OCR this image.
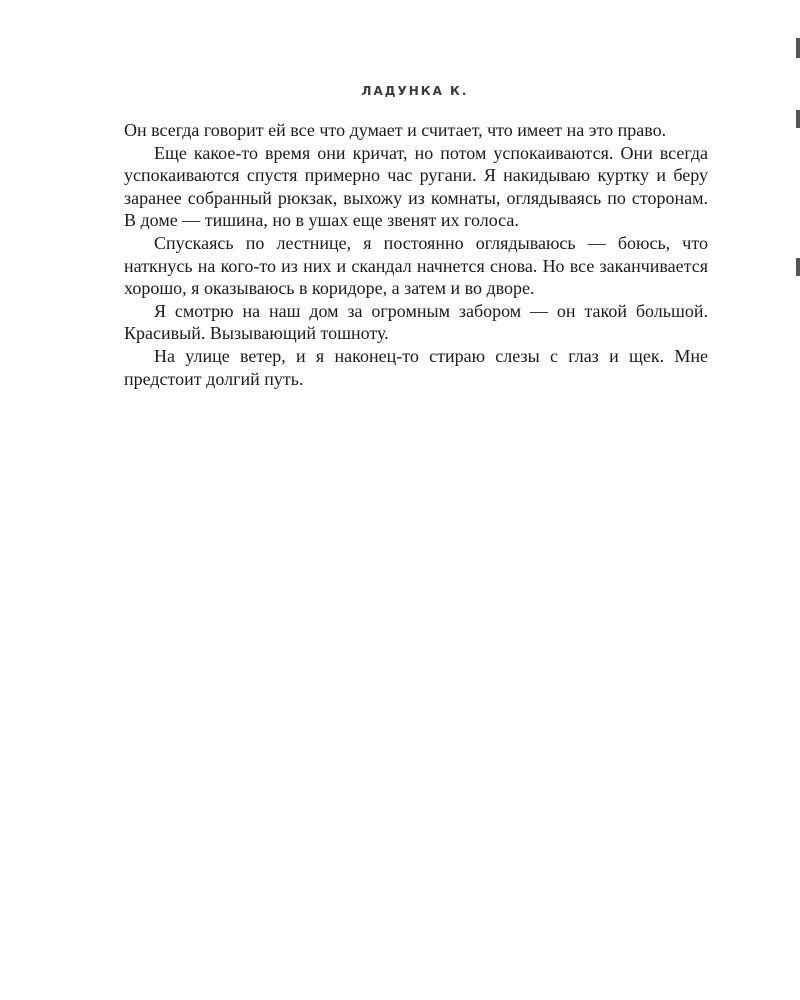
ЛАДУНКА К.

Он всегда говорит ей все что думает и считает, что имеет на это право.

Еще какое-то время они кричат, но потом успокаиваются. Они всегда успокаиваются спустя примерно час ругани. Я накидываю куртку и беру заранее собранный рюкзак, выхожу из комнаты, оглядываясь по сторонам. В доме — тишина, но в ушах еще звенят их голоса.

Спускаясь по лестнице, я постоянно оглядываюсь — боюсь, что наткнусь на кого-то из них и скандал начнется снова. Но все заканчивается хорошо, я оказываюсь в коридоре, а затем и во дворе.

Я смотрю на наш дом за огромным забором — он такой большой. Красивый. Вызывающий тошноту.

На улице ветер, и я наконец-то стираю слезы с глаз и щек. Мне предстоит долгий путь.
